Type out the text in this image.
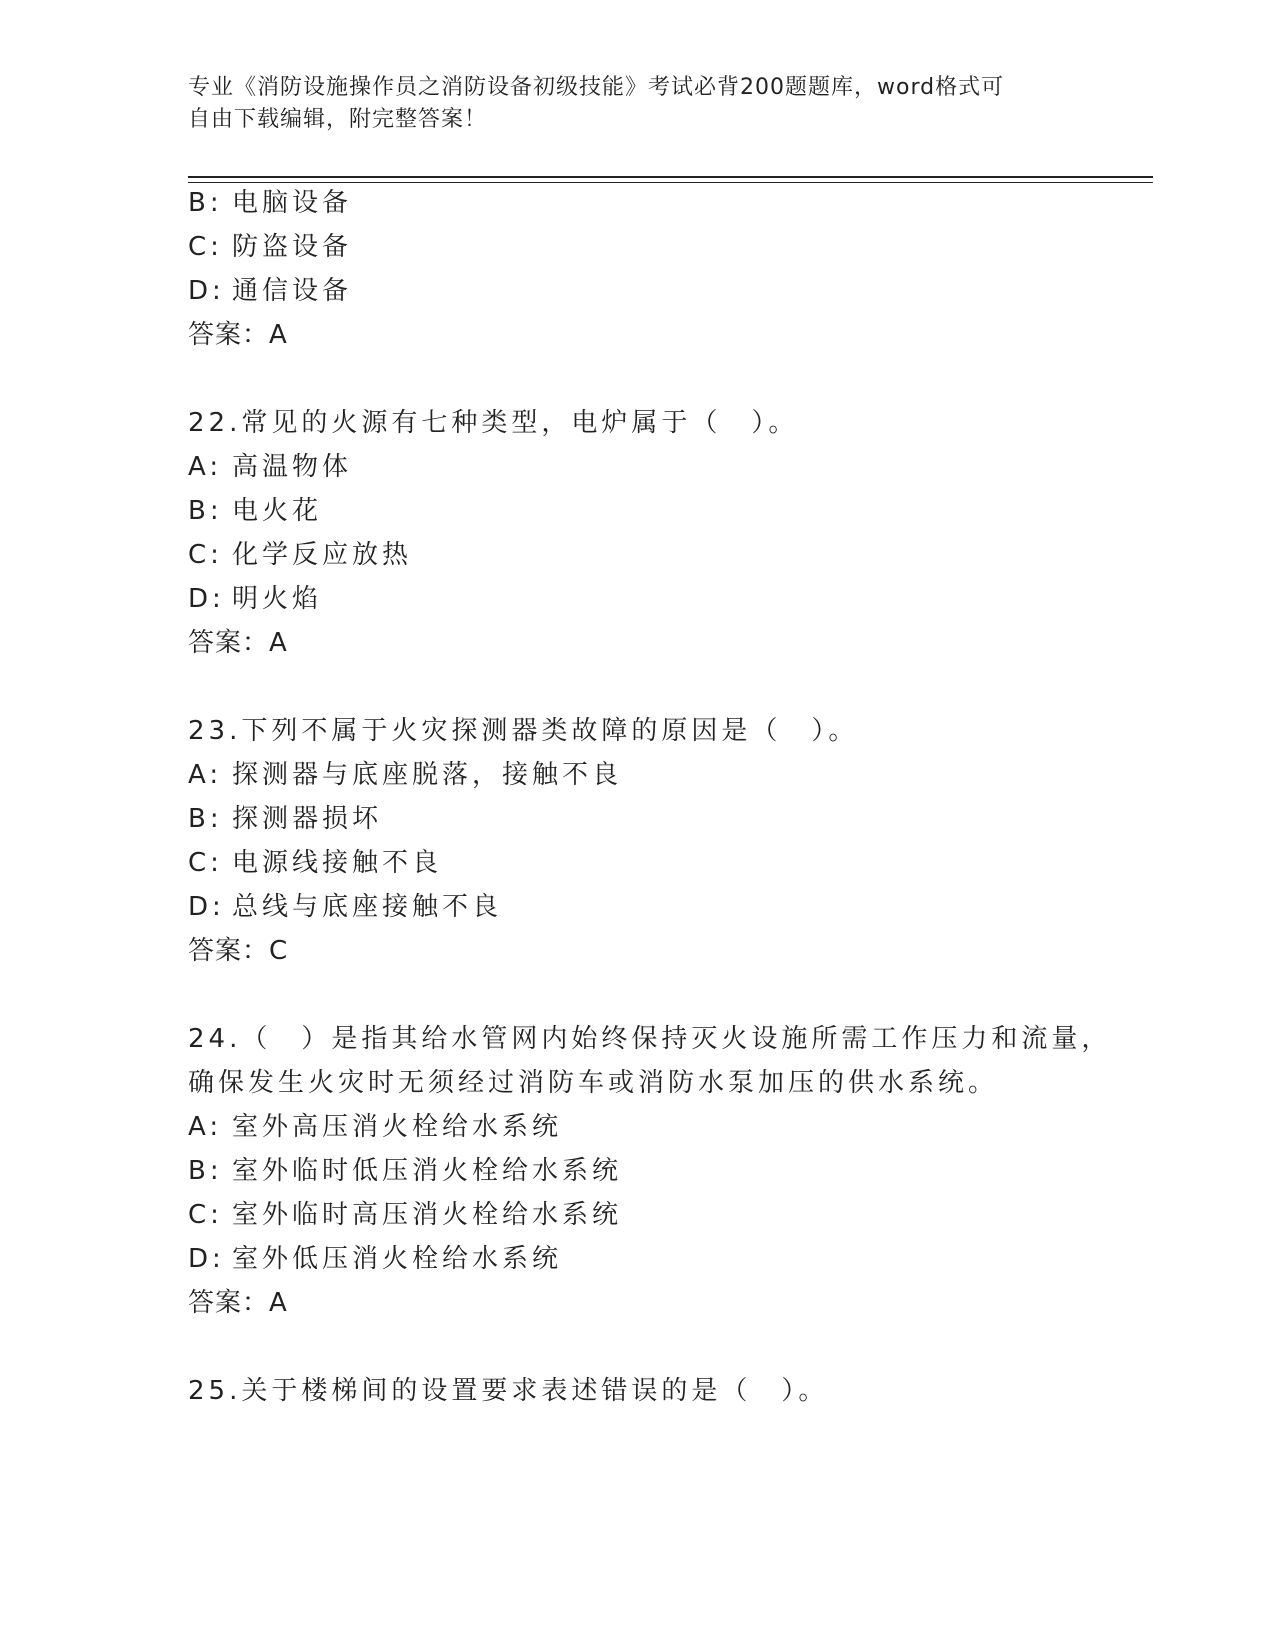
专业《消防设施操作员之消防设备初级技能》考试必背200题题库，word格式可
自由下载编辑，附完整答案！
B: 电脑设备
C: 防盗设备
D: 通信设备
答案：A
22.常见的火源有七种类型，电炉属于（　）。
A: 高温物体
B: 电火花
C: 化学反应放热
D: 明火焰
答案：A
23.下列不属于火灾探测器类故障的原因是（　）。
A: 探测器与底座脱落，接触不良
B: 探测器损坏
C: 电源线接触不良
D: 总线与底座接触不良
答案：C
24.（　）是指其给水管网内始终保持灭火设施所需工作压力和流量，
确保发生火灾时无须经过消防车或消防水泵加压的供水系统。
A: 室外高压消火栓给水系统
B: 室外临时低压消火栓给水系统
C: 室外临时高压消火栓给水系统
D: 室外低压消火栓给水系统
答案：A
25.关于楼梯间的设置要求表述错误的是（　）。
